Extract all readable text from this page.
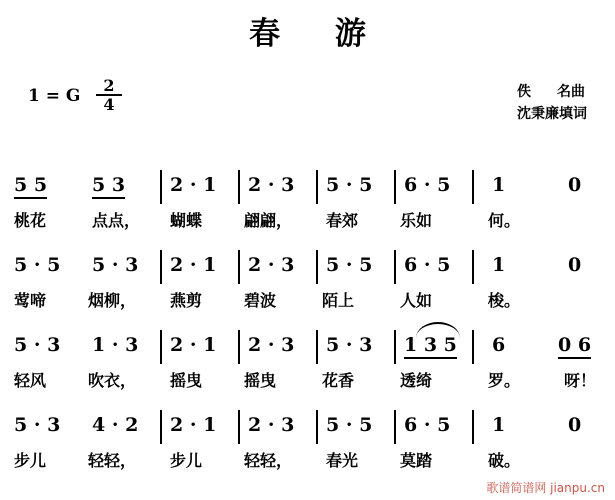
春 游
1 = G $\frac{2}{4}$	佚 名曲
沈秉廉填词
5 5 5 3 2 · 1 2 · 3 5 · 5 6 · 5 1	0
桃花	点点， 蝴蝶	翩翩， 春郊	乐如	何。
5 · 5 5 · 3 2 · 1 2 · 3 5 · 5 6 · 5 1	0
莺啼	烟柳， 燕剪	碧波	陌上	人如	梭。
5 · 3 1 · 3 2 · 1 2 · 3 5 · 3 1 3 5 6	0 6
轻风	吹衣， 摇曳	摇曳	花香	透绮	罗。	呀！
5 · 3 4 · 2 2 · 1 2 · 3 5 · 5 6 · 5 1	0
步儿	轻轻， 步儿	轻轻， 春光	莫踏	破。
歌谱简谱网 jianpu.cn
